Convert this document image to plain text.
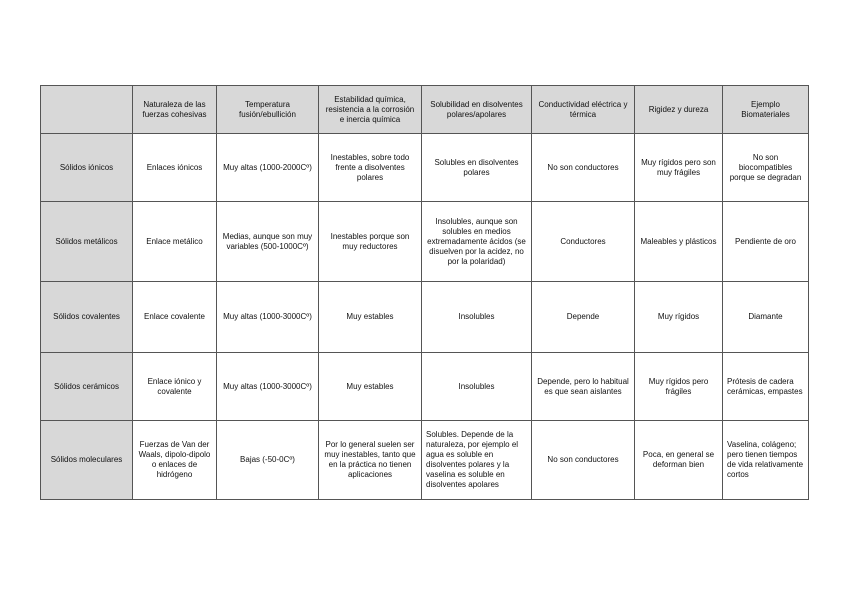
	Naturaleza de las fuerzas cohesivas	Temperatura fusión/ebullición	Estabilidad química, resistencia a la corrosión e inercia química	Solubilidad en disolventes polares/apolares	Conductividad eléctrica y térmica	Rigidez y dureza	Ejemplo Biomateriales
Sólidos iónicos	Enlaces iónicos	Muy altas (1000-2000Cº)	Inestables, sobre todo frente a disolventes polares	Solubles en disolventes polares	No son conductores	Muy rígidos pero son muy frágiles	No son biocompatibles porque se degradan
Sólidos metálicos	Enlace metálico	Medias, aunque son muy variables (500-1000Cº)	Inestables porque son muy reductores	Insolubles, aunque son solubles en medios extremadamente ácidos (se disuelven por la acidez, no por la polaridad)	Conductores	Maleables y plásticos	Pendiente de oro
Sólidos covalentes	Enlace covalente	Muy altas (1000-3000Cº)	Muy estables	Insolubles	Depende	Muy rígidos	Diamante
Sólidos cerámicos	Enlace iónico y covalente	Muy altas (1000-3000Cº)	Muy estables	Insolubles	Depende, pero lo habitual es que sean aislantes	Muy rígidos pero frágiles	Prótesis de cadera cerámicas, empastes
Sólidos moleculares	Fuerzas de Van der Waals, dipolo-dipolo o enlaces de hidrógeno	Bajas (-50-0Cº)	Por lo general suelen ser muy inestables, tanto que en la práctica no tienen aplicaciones	Solubles. Depende de la naturaleza, por ejemplo el agua es soluble en disolventes polares y la vaselina es soluble en disolventes apolares	No son conductores	Poca, en general se deforman bien	Vaselina, colágeno; pero tienen tiempos de vida relativamente cortos
